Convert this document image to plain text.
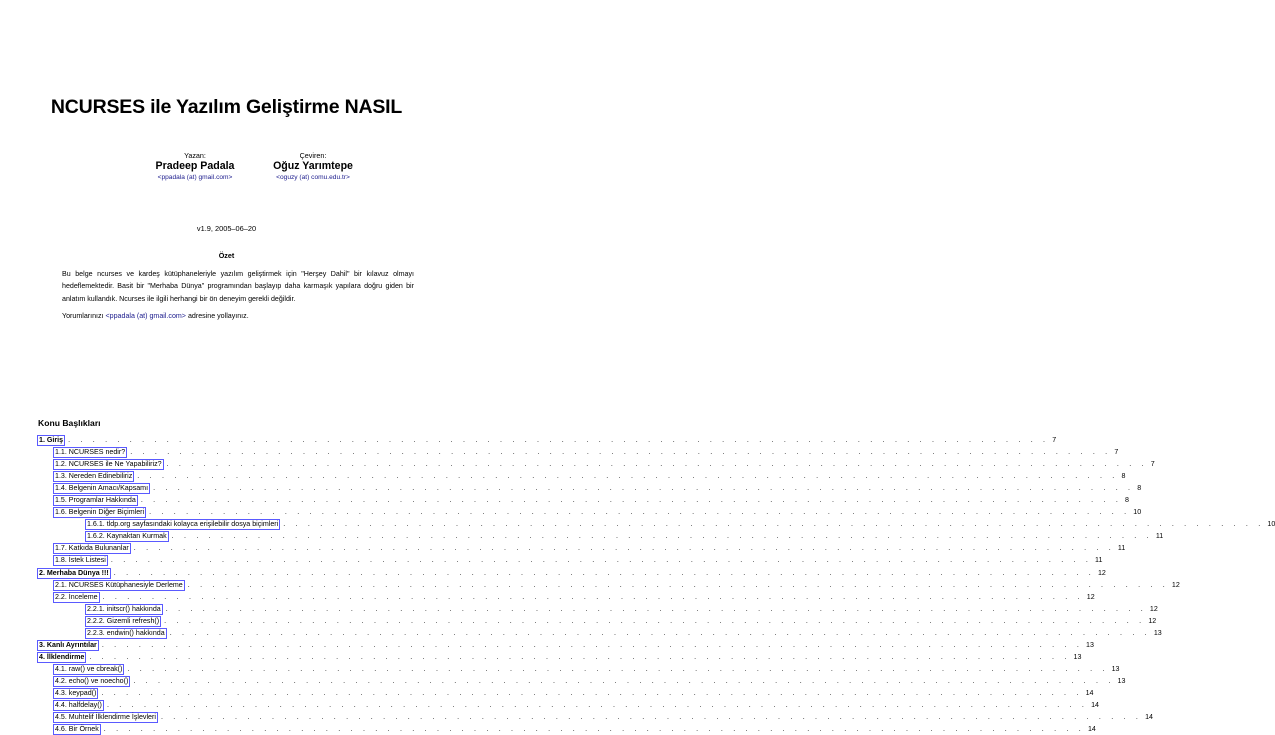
NCURSES ile Yazılım Geliştirme NASIL
Yazan:
Pradeep Padala
<ppadala (at) gmail.com>
Çeviren:
Oğuz Yarımtepe
<oguzy (at) comu.edu.tr>
v1.9, 2005–06–20
Özet

Bu belge ncurses ve kardeş kütüphaneleriyle yazılım geliştirmek için "Herşey Dahil" bir kılavuz olmayı hedeflemektedir. Basit bir "Merhaba Dünya" programından başlayıp daha karmaşık yapılara doğru giden bir anlatım kullandık. Ncurses ile ilgili herhangi bir ön deneyim gerekli değildir.

Yorumlarınızı <ppadala (at) gmail.com> adresine yollayınız.

Konu Başlıkları
1. Giriş . . . . . . . . . . . . . . . . . . . . . . . . . . . . . . . . . . . . . . . . . . . . . . . . . . . . . . . . . . . . . . . . . . . . . . . . . . . . . . . . 7
1.1. NCURSES nedir? . . . . . . . . . . . . . . . . . . . . . . . . . . . . . . . . . . . . . . . . . . . . . . . . . . . . . . . . . . . . . . . . . . . . . . . . . . . . . . . . 7
1.2. NCURSES ile Ne Yapabiliriz? . . . . . . . . . . . . . . . . . . . . . . . . . . . . . . . . . . . . . . . . . . . . . . . . . . . . . . . . . . . . . . . . . . . . . . . . . . . . . . . . 7
1.3. Nereden Edinebiliriz . . . . . . . . . . . . . . . . . . . . . . . . . . . . . . . . . . . . . . . . . . . . . . . . . . . . . . . . . . . . . . . . . . . . . . . . . . . . . . . . 8
1.4. Belgenin Amacı/Kapsamı . . . . . . . . . . . . . . . . . . . . . . . . . . . . . . . . . . . . . . . . . . . . . . . . . . . . . . . . . . . . . . . . . . . . . . . . . . . . . . . . 8
1.5. Programlar Hakkında . . . . . . . . . . . . . . . . . . . . . . . . . . . . . . . . . . . . . . . . . . . . . . . . . . . . . . . . . . . . . . . . . . . . . . . . . . . . . . . . 8
1.6. Belgenin Diğer Biçimleri . . . . . . . . . . . . . . . . . . . . . . . . . . . . . . . . . . . . . . . . . . . . . . . . . . . . . . . . . . . . . . . . . . . . . . . . . . . . . . . . 10
1.6.1. tldp.org sayfasındaki kolayca erişilebilir dosya biçimleri . . . . . . . . . . . . . . . . . . . . . . . . . . . . . . . . . . . . . . . . . . . . . . . . . . . . . . . . . . . . . . . . . . . . . . . . . . . . . . . . 10
1.6.2. Kaynaktan Kurmak . . . . . . . . . . . . . . . . . . . . . . . . . . . . . . . . . . . . . . . . . . . . . . . . . . . . . . . . . . . . . . . . . . . . . . . . . . . . . . . . 11
1.7. Katkıda Bulunanlar . . . . . . . . . . . . . . . . . . . . . . . . . . . . . . . . . . . . . . . . . . . . . . . . . . . . . . . . . . . . . . . . . . . . . . . . . . . . . . . . 11
1.8. İstek Listesi . . . . . . . . . . . . . . . . . . . . . . . . . . . . . . . . . . . . . . . . . . . . . . . . . . . . . . . . . . . . . . . . . . . . . . . . . . . . . . . . 11
2. Merhaba Dünya !!! . . . . . . . . . . . . . . . . . . . . . . . . . . . . . . . . . . . . . . . . . . . . . . . . . . . . . . . . . . . . . . . . . . . . . . . . . . . . . . . . 12
2.1. NCURSES Kütüphanesiyle Derleme . . . . . . . . . . . . . . . . . . . . . . . . . . . . . . . . . . . . . . . . . . . . . . . . . . . . . . . . . . . . . . . . . . . . . . . . . . . . . . . . 12
2.2. İnceleme . . . . . . . . . . . . . . . . . . . . . . . . . . . . . . . . . . . . . . . . . . . . . . . . . . . . . . . . . . . . . . . . . . . . . . . . . . . . . . . . 12
2.2.1. initscr() hakkında . . . . . . . . . . . . . . . . . . . . . . . . . . . . . . . . . . . . . . . . . . . . . . . . . . . . . . . . . . . . . . . . . . . . . . . . . . . . . . . . 12
2.2.2. Gizemli refresh() . . . . . . . . . . . . . . . . . . . . . . . . . . . . . . . . . . . . . . . . . . . . . . . . . . . . . . . . . . . . . . . . . . . . . . . . . . . . . . . . 12
2.2.3. endwin() hakkında . . . . . . . . . . . . . . . . . . . . . . . . . . . . . . . . . . . . . . . . . . . . . . . . . . . . . . . . . . . . . . . . . . . . . . . . . . . . . . . . 13
3. Kanlı Ayrıntılar . . . . . . . . . . . . . . . . . . . . . . . . . . . . . . . . . . . . . . . . . . . . . . . . . . . . . . . . . . . . . . . . . . . . . . . . . . . . . . . . 13
4. İlklendirme . . . . . . . . . . . . . . . . . . . . . . . . . . . . . . . . . . . . . . . . . . . . . . . . . . . . . . . . . . . . . . . . . . . . . . . . . . . . . . . . 13
4.1. raw() ve cbreak() . . . . . . . . . . . . . . . . . . . . . . . . . . . . . . . . . . . . . . . . . . . . . . . . . . . . . . . . . . . . . . . . . . . . . . . . . . . . . . . . 13
4.2. echo() ve noecho() . . . . . . . . . . . . . . . . . . . . . . . . . . . . . . . . . . . . . . . . . . . . . . . . . . . . . . . . . . . . . . . . . . . . . . . . . . . . . . . . 13
4.3. keypad() . . . . . . . . . . . . . . . . . . . . . . . . . . . . . . . . . . . . . . . . . . . . . . . . . . . . . . . . . . . . . . . . . . . . . . . . . . . . . . . . 14
4.4. halfdelay() . . . . . . . . . . . . . . . . . . . . . . . . . . . . . . . . . . . . . . . . . . . . . . . . . . . . . . . . . . . . . . . . . . . . . . . . . . . . . . . . 14
4.5. Muhtelif İlklendirme İşlevleri . . . . . . . . . . . . . . . . . . . . . . . . . . . . . . . . . . . . . . . . . . . . . . . . . . . . . . . . . . . . . . . . . . . . . . . . . . . . . . . . 14
4.6. Bir Örnek . . . . . . . . . . . . . . . . . . . . . . . . . . . . . . . . . . . . . . . . . . . . . . . . . . . . . . . . . . . . . . . . . . . . . . . . . . . . . . . . 14
